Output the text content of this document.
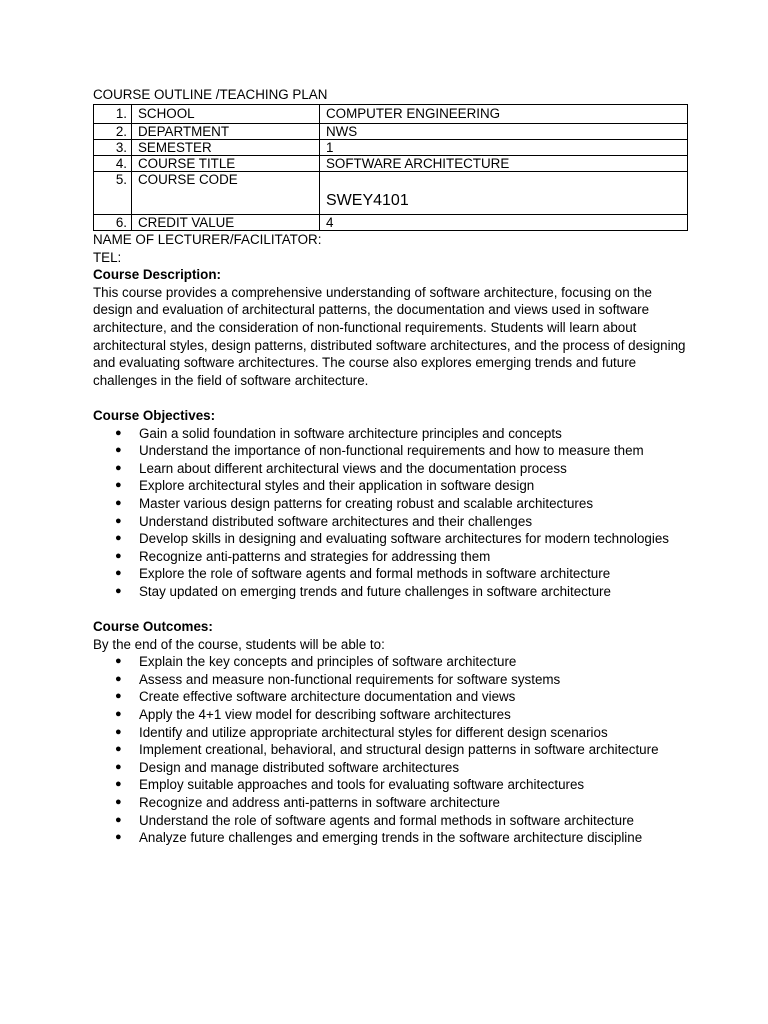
COURSE OUTLINE /TEACHING PLAN

1.	SCHOOL	COMPUTER ENGINEERING
2.	DEPARTMENT	NWS
3.	SEMESTER	1
4.	COURSE TITLE	SOFTWARE ARCHITECTURE
5.	COURSE CODE	SWEY4101

6.	CREDIT VALUE	4

NAME OF LECTURER/FACILITATOR:

TEL:

Course Description:

This course provides a comprehensive understanding of software architecture, focusing on the design and evaluation of architectural patterns, the documentation and views used in software architecture, and the consideration of non-functional requirements. Students will learn about architectural styles, design patterns, distributed software architectures, and the process of designing and evaluating software architectures. The course also explores emerging trends and future challenges in the field of software architecture.

Course Objectives:

● Gain a solid foundation in software architecture principles and concepts
● Understand the importance of non-functional requirements and how to measure them
● Learn about different architectural views and the documentation process
● Explore architectural styles and their application in software design
● Master various design patterns for creating robust and scalable architectures
● Understand distributed software architectures and their challenges
● Develop skills in designing and evaluating software architectures for modern technologies
● Recognize anti-patterns and strategies for addressing them
● Explore the role of software agents and formal methods in software architecture
● Stay updated on emerging trends and future challenges in software architecture

Course Outcomes:

By the end of the course, students will be able to:

● Explain the key concepts and principles of software architecture
● Assess and measure non-functional requirements for software systems
● Create effective software architecture documentation and views
● Apply the 4+1 view model for describing software architectures
● Identify and utilize appropriate architectural styles for different design scenarios
● Implement creational, behavioral, and structural design patterns in software architecture
● Design and manage distributed software architectures
● Employ suitable approaches and tools for evaluating software architectures
● Recognize and address anti-patterns in software architecture
● Understand the role of software agents and formal methods in software architecture
● Analyze future challenges and emerging trends in the software architecture discipline
